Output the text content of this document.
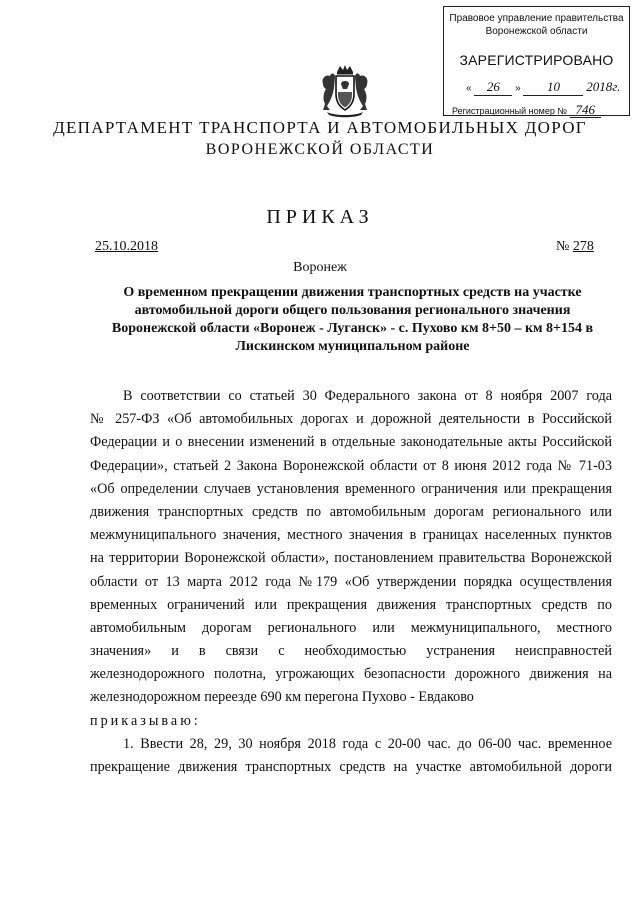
Правовое управление правительства
Воронежской области
ЗАРЕГИСТРИРОВАНО
« 26 » 10 2018г.
Регистрационный номер № 746
ДЕПАРТАМЕНТ ТРАНСПОРТА И АВТОМОБИЛЬНЫХ ДОРОГ
ВОРОНЕЖСКОЙ ОБЛАСТИ
ПРИКАЗ
25.10.2018	№ 278
Воронеж
О временном прекращении движения транспортных средств на участке
автомобильной дороги общего пользования регионального значения
Воронежской области «Воронеж - Луганск» - с. Пухово км 8+50 – км 8+154 в
Лискинском муниципальном районе
В соответствии со статьей 30 Федерального закона от 8 ноября 2007 года
№ 257-ФЗ «Об автомобильных дорогах и дорожной деятельности в Российской
Федерации и о внесении изменений в отдельные законодательные акты Российской
Федерации», статьей 2 Закона Воронежской области от 8 июня 2012 года № 71-03
«Об определении случаев установления временного ограничения или прекращения
движения транспортных средств по автомобильным дорогам регионального или
межмуниципального значения, местного значения в границах населенных пунктов
на территории Воронежской области», постановлением правительства Воронежской
области от 13 марта 2012 года №179 «Об утверждении порядка осуществления
временных ограничений или прекращения движения транспортных средств по
автомобильным дорогам регионального или межмуниципального, местного
значения» и в связи с необходимостью устранения неисправностей
железнодорожного полотна, угрожающих безопасности дорожного движения на
железнодорожном переезде 690 км перегона Пухово - Евдаково
приказываю:
1. Ввести 28, 29, 30 ноября 2018 года с 20-00 час. до 06-00 час. временное
прекращение движения транспортных средств на участке автомобильной дороги
